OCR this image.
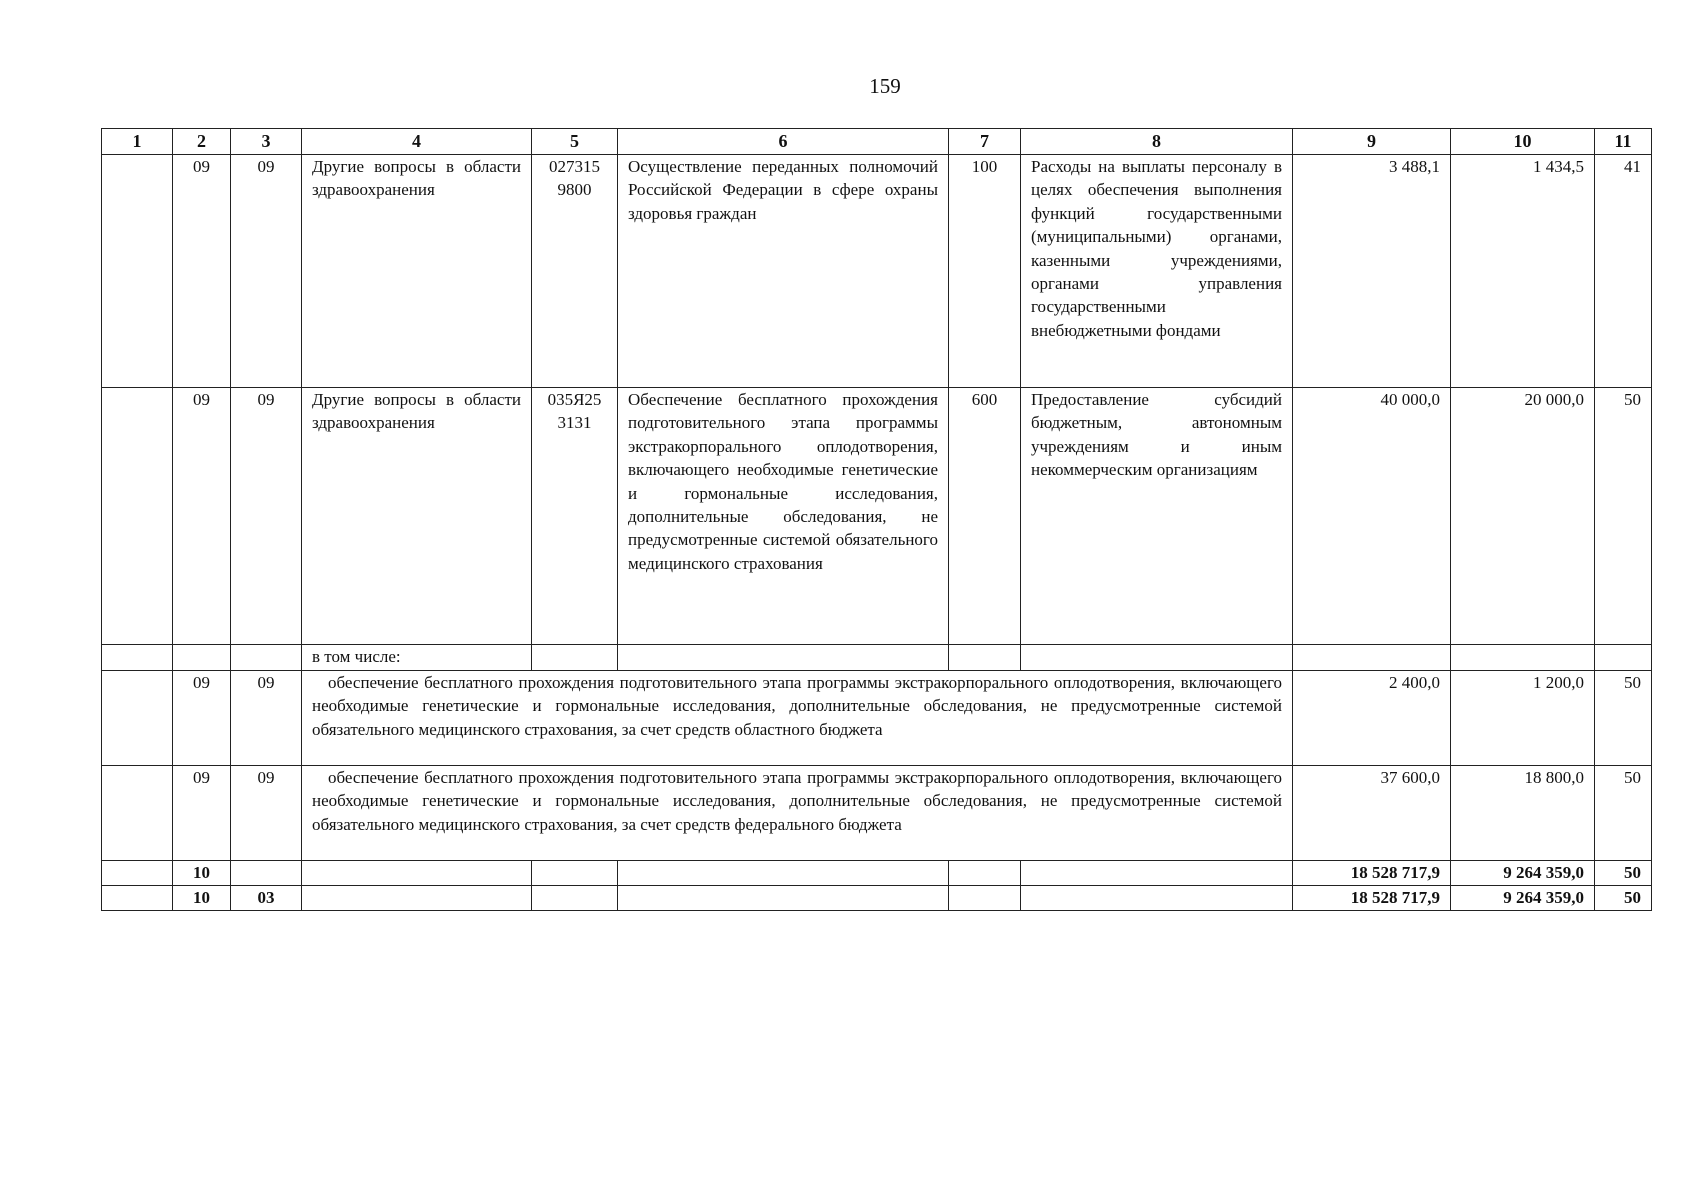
159
1	2	3	4	5	6	7	8	9	10	11
	09	09	Другие вопросы в области здравоохранения	027315 9800	Осуществление переданных полномочий Российской Федерации в сфере охраны здоровья граждан	100	Расходы на выплаты персоналу в целях обеспечения выполнения функций государственными (муниципальными) органами, казенными учреждениями, органами управления государственными внебюджетными фондами	3 488,1	1 434,5	41
	09	09	Другие вопросы в области здравоохранения	035Я25 3131	Обеспечение бесплатного прохождения подготовительного этапа программы экстракорпорального оплодотворения, включающего необходимые генетические и гормональные исследования, дополнительные обследования, не предусмотренные системой обязательного медицинского страхования	600	Предоставление субсидий бюджетным, автономным учреждениям и иным некоммерческим организациям	40 000,0	20 000,0	50
			в том числе:							
	09	09	обеспечение бесплатного прохождения подготовительного этапа программы экстракорпорального оплодотворения, включающего необходимые генетические и гормональные исследования, дополнительные обследования, не предусмотренные системой обязательного медицинского страхования, за счет средств областного бюджета					2 400,0	1 200,0	50
	09	09	обеспечение бесплатного прохождения подготовительного этапа программы экстракорпорального оплодотворения, включающего необходимые генетические и гормональные исследования, дополнительные обследования, не предусмотренные системой обязательного медицинского страхования, за счет средств федерального бюджета					37 600,0	18 800,0	50
	10							18 528 717,9	9 264 359,0	50
	10	03						18 528 717,9	9 264 359,0	50
